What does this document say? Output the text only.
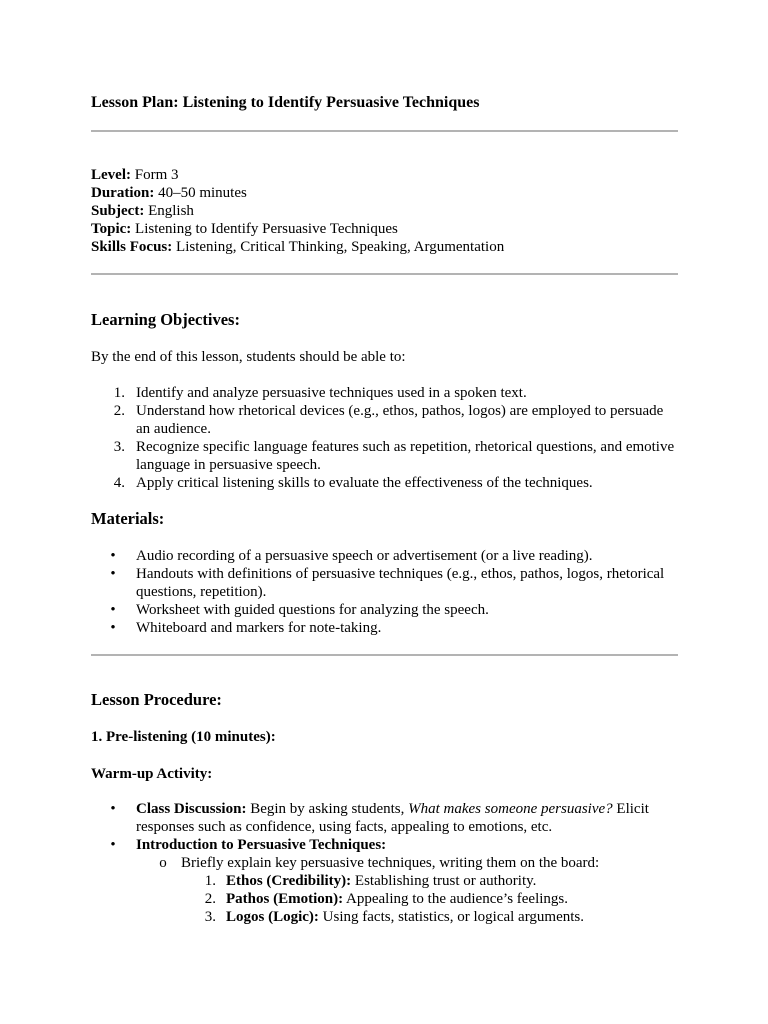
Lesson Plan: Listening to Identify Persuasive Techniques
Level: Form 3
Duration: 40–50 minutes
Subject: English
Topic: Listening to Identify Persuasive Techniques
Skills Focus: Listening, Critical Thinking, Speaking, Argumentation
Learning Objectives:
By the end of this lesson, students should be able to:
1. Identify and analyze persuasive techniques used in a spoken text.
2. Understand how rhetorical devices (e.g., ethos, pathos, logos) are employed to persuade
an audience.
3. Recognize specific language features such as repetition, rhetorical questions, and emotive
language in persuasive speech.
4. Apply critical listening skills to evaluate the effectiveness of the techniques.
Materials:
• Audio recording of a persuasive speech or advertisement (or a live reading).
• Handouts with definitions of persuasive techniques (e.g., ethos, pathos, logos, rhetorical
questions, repetition).
• Worksheet with guided questions for analyzing the speech.
• Whiteboard and markers for note-taking.
Lesson Procedure:
1. Pre-listening (10 minutes):
Warm-up Activity:
• Class Discussion: Begin by asking students, What makes someone persuasive? Elicit
responses such as confidence, using facts, appealing to emotions, etc.
• Introduction to Persuasive Techniques:
o Briefly explain key persuasive techniques, writing them on the board:
1. Ethos (Credibility): Establishing trust or authority.
2. Pathos (Emotion): Appealing to the audience’s feelings.
3. Logos (Logic): Using facts, statistics, or logical arguments.
